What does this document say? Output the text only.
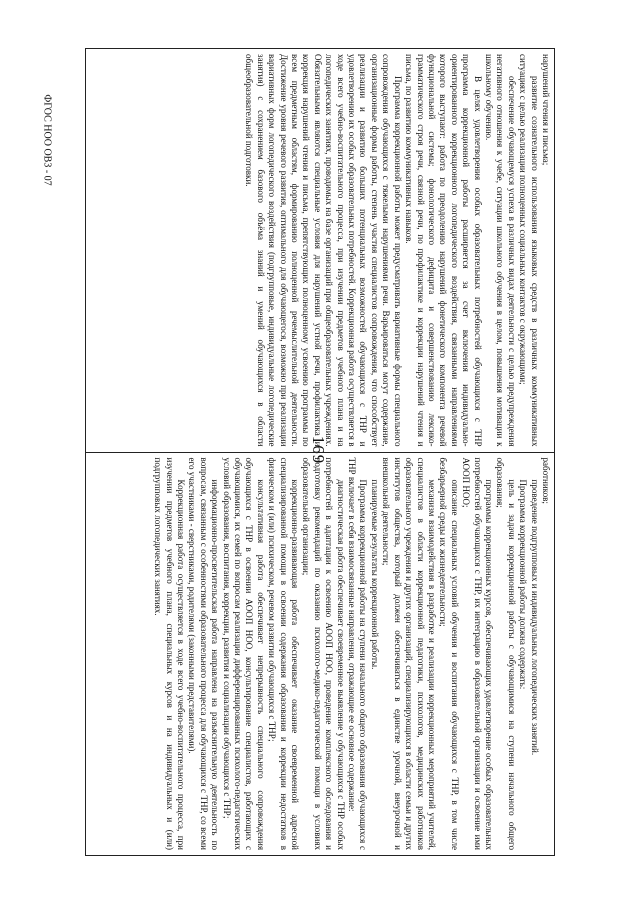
169
ФГОС НОО ОВЗ - 07	нарушений чтения и письма;

развитие сознательного использования языковых средств в различных коммуникативных ситуациях с целью реализации полноценных социальных контактов с окружающими;

обеспечение обучающемуся успеха в различных видах деятельности с целью предупреждения негативного отношения к учебе, ситуации школьного обучения в целом, повышения мотивации к школьному обучению.

В целях удовлетворения особых образовательных потребностей обучающихся с ТНР программа коррекционной работы расширяется за счет включения индивидуально-ориентированного коррекционного логопедического воздействия, связанными направлениями которого выступают: работа по преодолению нарушений фонетического компонента речевой функциональной системы; фонологического дефицита и совершенствованию лексико-грамматического строя речи, связной речи, по профилактике и коррекции нарушений чтения и письма, по развитию коммуникативных навыков.

Программа коррекционной работы может предусматривать вариативные формы специального сопровождения обучающихся с тяжелыми нарушениями речи. Варьироваться могут содержание, организационные формы работы, степень участия специалистов сопровождения, что способствует реализации и развитию больших потенциальных возможностей обучающихся с ТНР и удовлетворению их особых образовательных потребностей. Коррекционная работа осуществляется в ходе всего учебно-воспитательного процесса, при изучении предметов учебного плана и на логопедических занятиях, проводимых на базе организаций при общеобразовательных учреждениях. Обязательными являются специальные условия для нарушений устной речи, профилактика и коррекция нарушений чтения и письма, препятствующих полноценному усвоению программы по всем предметным областям, формированию полноценной речемыслительной деятельности. Достижение уровня речевого развития, оптимального для обучающегося, возможно при реализации вариативных форм логопедического воздействия (подгрупповые, индивидуальные логопедические занятия) с сохранением базового объёма знаний и умений обучающихся в области общеобразовательной подготовки.

работников;

проведение подгрупповых и индивидуальных логопедических занятий.

Программа коррекционной работы должна содержать:

цель и задачи коррекционной работы с обучающимися на ступени начального общего образования;

программы коррекционных курсов, обеспечивающих удовлетворение особых образовательных потребностей обучающихся с ТНР, их интеграцию в образовательной организации и освоение ими АООП НОО;

описание специальных условий обучения и воспитания обучающихся с ТНР, в том числе безбарьерной среды их жизнедеятельности;

механизм взаимодействия в разработке и реализации коррекционных мероприятий учителей, специалистов в области коррекционной педагогики, психологов, медицинских работников образовательного учреждения и других организаций, специализирующихся в области семьи и других институтов общества, который должен обеспечиваться в единстве урочной, внеурочной и внешкольной деятельности;

планируемые результаты коррекционной работы.

Программа коррекционной работы на ступени начального общего образования обучающихся с ТНР включает в себя взаимосвязанные направления, отражающие ее основное содержание:

диагностическая работа обеспечивает своевременное выявление у обучающихся с ТНР особых потребностей в адаптации к освоению АООП НОО, проведение комплексного обследования и подготовку рекомендаций по оказанию психолого-медико-педагогической помощи в условиях образовательной организации;

коррекционно-развивающая работа обеспечивает оказание своевременной адресной специализированной помощи в освоении содержания образования и коррекции недостатков в физическом и (или) психическом, речевом развитии обучающихся с ТНР;

консультативная работа обеспечивает непрерывность специального сопровождения обучающихся с ТНР в освоении АООП НОО, консультирование специалистов, работающих с обучающимися, их семей по вопросам реализации дифференцированных психолого-педагогических условий образования, воспитания, коррекции, развития и социализации обучающихся с ТНР;

информационно-просветительская работа направлена на разъяснительную деятельность по вопросам, связанным с особенностями образовательного процесса для обучающихся с ТНР, со всеми его участниками - сверстниками, родителями (законными представителями).

Коррекционная работа осуществляется в ходе всего учебно-воспитательного процесса, при изучении предметов учебного плана, специальных курсов и на индивидуальных и (или) подгрупповых логопедических занятиях.
